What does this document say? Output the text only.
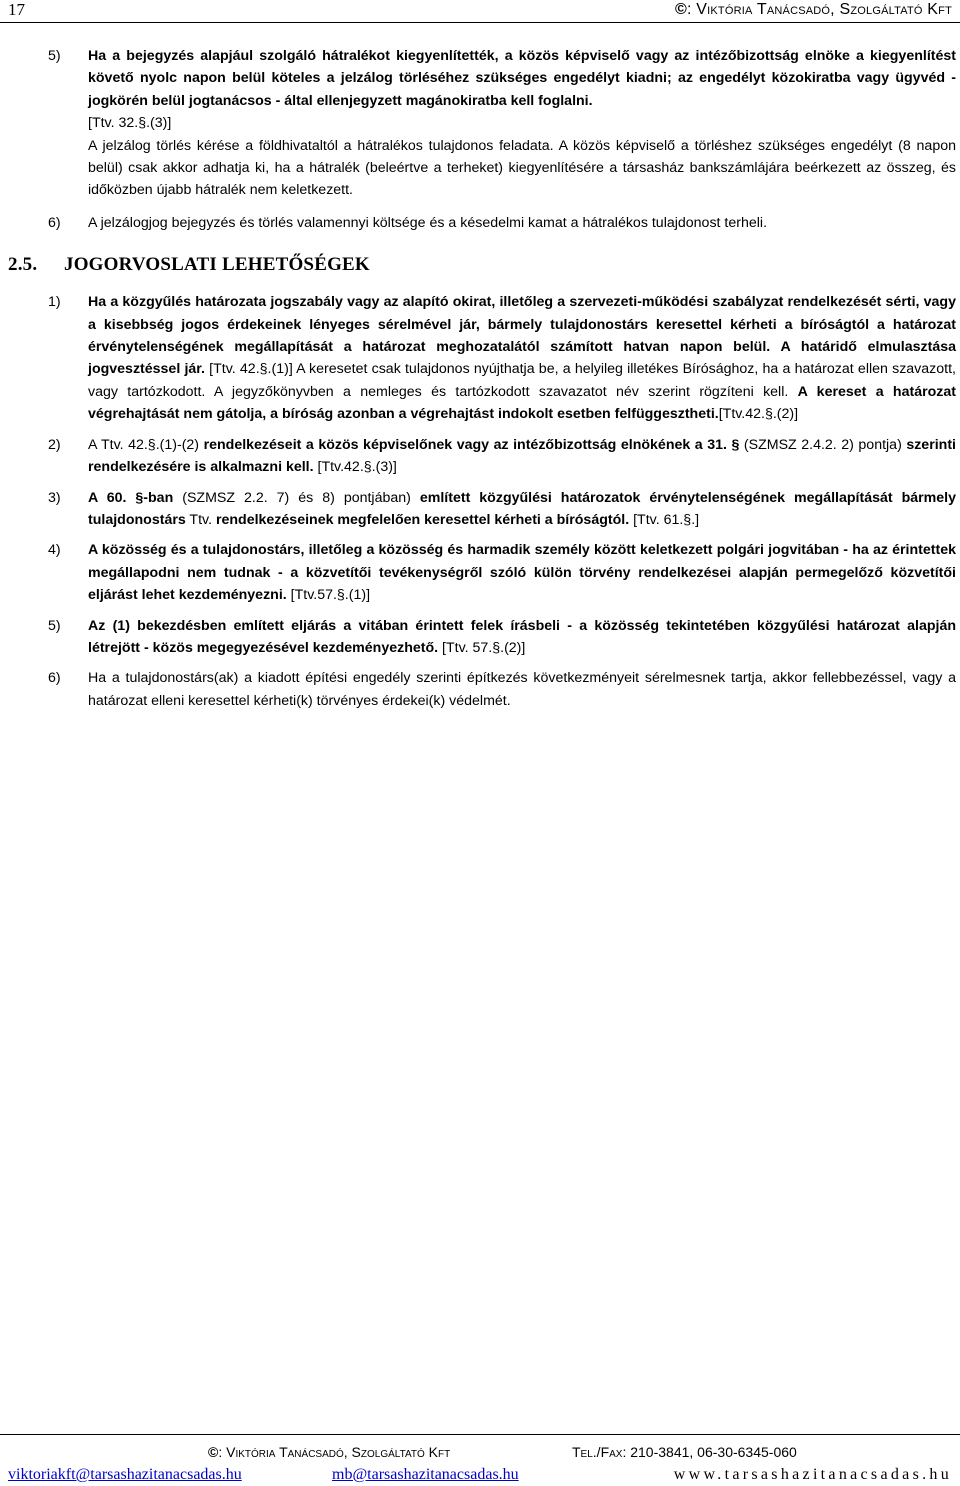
17	©: Viktória Tanácsadó, Szolgáltató Kft
5) Ha a bejegyzés alapjául szolgáló hátralékot kiegyenlítették, a közös képviselő vagy az intézőbizottság elnöke a kiegyenlítést követő nyolc napon belül köteles a jelzálog törléséhez szükséges engedélyt kiadni; az engedélyt közokiratba vagy ügyvéd - jogkörén belül jogtanácsos - által ellenjegyzett magánokiratba kell foglalni.

[Ttv. 32.§.(3)]

A jelzálog törlés kérése a földhivataltól a hátralékos tulajdonos feladata. A közös képviselő a törléshez szükséges engedélyt (8 napon belül) csak akkor adhatja ki, ha a hátralék (beleértve a terheket) kiegyenlítésére a társasház bankszámlájára beérkezett az összeg, és időközben újabb hátralék nem keletkezett.

6) A jelzálogjog bejegyzés és törlés valamennyi költsége és a késedelmi kamat a hátralékos tulajdonost terheli.

2.5. JOGORVOSLATI LEHETŐSÉGEK
1) Ha a közgyűlés határozata jogszabály vagy az alapító okirat, illetőleg a szervezeti-működési szabályzat rendelkezését sérti, vagy a kisebbség jogos érdekeinek lényeges sérelmével jár, bármely tulajdonostárs keresettel kérheti a bíróságtól a határozat érvénytelenségének megállapítását a határozat meghozatalától számított hatvan napon belül. A határidő elmulasztása jogvesztéssel jár. [Ttv. 42.§.(1)] A keresetet csak tulajdonos nyújthatja be, a helyileg illetékes Bírósághoz, ha a határozat ellen szavazott, vagy tartózkodott. A jegyzőkönyvben a nemleges és tartózkodott szavazatot név szerint rögzíteni kell. A kereset a határozat végrehajtását nem gátolja, a bíróság azonban a végrehajtást indokolt esetben felfüggesztheti.[Ttv.42.§.(2)]

2) A Ttv. 42.§.(1)-(2) rendelkezéseit a közös képviselőnek vagy az intézőbizottság elnökének a 31. § (SZMSZ 2.4.2. 2) pontja) szerinti rendelkezésére is alkalmazni kell. [Ttv.42.§.(3)]

3) A 60. §-ban (SZMSZ 2.2. 7) és 8) pontjában) említett közgyűlési határozatok érvénytelenségének megállapítását bármely tulajdonostárs Ttv. rendelkezéseinek megfelelően keresettel kérheti a bíróságtól. [Ttv. 61.§.]

4) A közösség és a tulajdonostárs, illetőleg a közösség és harmadik személy között keletkezett polgári jogvitában - ha az érintettek megállapodni nem tudnak - a közvetítői tevékenységről szóló külön törvény rendelkezései alapján permegelőző közvetítői eljárást lehet kezdeményezni. [Ttv.57.§.(1)]

5) Az (1) bekezdésben említett eljárás a vitában érintett felek írásbeli - a közösség tekintetében közgyűlési határozat alapján létrejött - közös megegyezésével kezdeményezhető. [Ttv. 57.§.(2)]

6) Ha a tulajdonostárs(ak) a kiadott építési engedély szerinti építkezés következményeit sérelmesnek tartja, akkor fellebbezéssel, vagy a határozat elleni keresettel kérheti(k) törvényes érdekei(k) védelmét.

©: Viktória Tanácsadó, Szolgáltató Kft	Tel./Fax: 210-3841, 06-30-6345-060
viktoriakft@tarsashazitanacsadas.hu	mb@tarsashazitanacsadas.hu	www.tarsashazitanacsadas.hu
